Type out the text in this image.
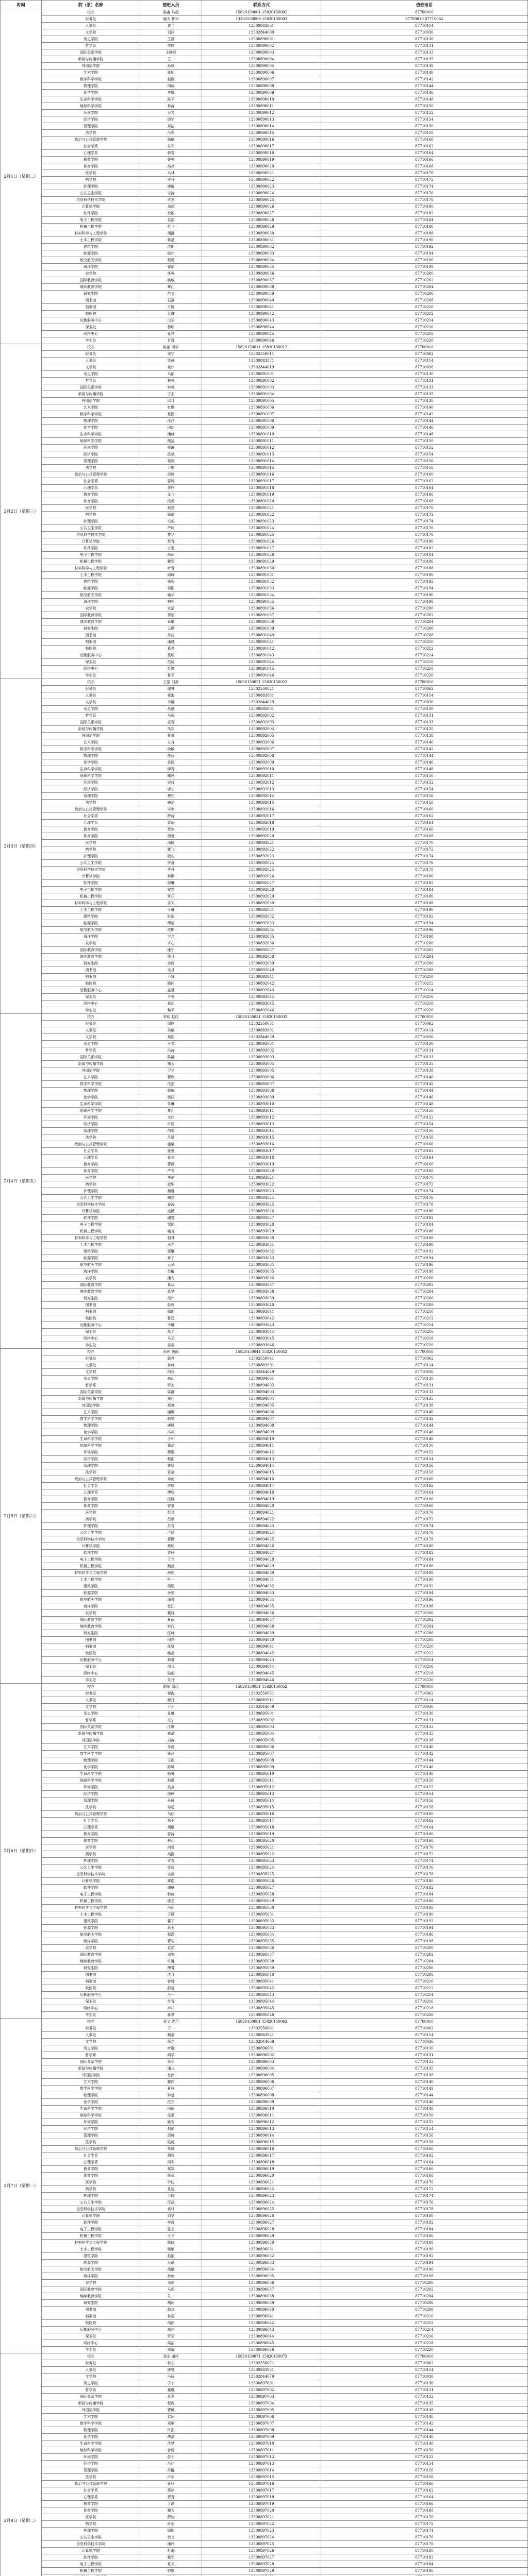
时间	院（系）名称	值班人员	联系方式	值班电话
2月1日（星期二）	校办	陈鑫 马超	15820150001 15820150002	87700010
	财务处	谢天 鲁年	13302550009 15820150003	87700010 87710062
	人事处	黄兰	13500883861	87710114
	文学院	刘洋	13502844009	87710036
	历史学院	王磊	13500890001	87710130
	哲学系	李刚	13500890002	87710131
	国际关系学院	王晓燕	13500890003	87710133
	新闻与传播学院	王一	13500890004	87710135
	外国语学院	孙康	13500890005	87710138
	艺术学院	张明	13500890006	87710140
	数学科学学院	赵刚	13500890007	87710142
	物理学院	何成	13500890008	87710144
	化学学院	李娜	13500890009	87710146
	生命科学学院	陈平	13500890010	87710148
	地球科学学院	林涛	13500890011	87710150
	环境学院	吴芳	13500890012	87710152
	经济学院	周宇	13500890013	87710154
	管理学院	郑洁	13500890014	87710156
	法学院	冯军	13500890015	87710158
	政治与公共管理学院	杨帆	13500890016	87710160
	社会学系	朱军	13500890017	87710162
	心理学系	韩雪	13500890018	87710164
	教育学院	曹强	13500890019	87710166
	体育学院	高亮	13500890020	87710168
	医学院	马林	13500890021	87710170
	药学院	罗丹	13500890022	87710172
	护理学院	唐敏	13500890023	87710174
	公共卫生学院	宋涛	13500890024	87710176
	信息科学技术学院	许杰	13500890025	87710178
	计算机学院	邓超	13500890026	87710180
	软件学院	余丽	13500890027	87710182
	电子工程学院	袁浩	13500890028	87710184
	机械工程学院	彭飞	13500890029	87710186
	材料科学与工程学院	胡静	13500890030	87710188
	土木工程学院	蒋磊	13500890031	87710190
	建筑学院	沈阳	13500890032	87710192
	能源学院	陆伟	13500890033	87710194
	航空航天学院	程勇	13500890034	87710196
	海洋学院	崔丽	13500890035	87710198
	农学院	任强	13500890036	87710200
	国际教育学院	姚敏	13500890037	87710202
	继续教育学院	覃江	13500890038	87710204
	研究生院	范文	13500890039	87710206
	图书馆	石磊	13500890040	87710208
	档案馆	方圆	13500890041	87710210
	校医院	金鑫	13500890042	87710212
	后勤服务中心	白云	13500890043	87710214
	保卫处	黎明	13500890044	87710216
	网络中心	孔亮	13500890045	87710218
	学生处	甘霖	13500890046	87710220
2月2日（星期三）	校办	陈丽 周华	15820150011 15820150012	87700010
	财务处	邓宁	13302550011	87710062
	人事处	梁晨	13500883871	87710114
	文学院	黄伟	13502844019	87710036
	历史学院	马丽	13500891001	87710130
	哲学系	林强	13500891002	87710131
	国际关系学院	钟英	13500891003	87710133
	新闻与传播学院	丁杰	13500891004	87710135
	外国语学院	邱月	13500891005	87710138
	艺术学院	杜鹏	13500891006	87710140
	数学科学学院	夏雨	13500891007	87710142
	物理学院	汪洋	13500891008	87710144
	化学学院	田甜	13500891009	87710146
	生命科学学院	潘峰	13500891010	87710148
	地球科学学院	熊猛	13500891011	87710150
	环境学院	侯静	13500891012	87710152
	经济学院	武斌	13500891013	87710154
	管理学院	秦岚	13500891014	87710156
	法学院	尹航	13500891015	87710158
	政治与公共管理学院	邵婷	13500891016	87710160
	社会学系	雷鸣	13500891017	87710162
	心理学系	贺欣	13500891018	87710164
	教育学院	龙飞	13500891019	87710166
	体育学院	段勇	13500891020	87710168
	医学院	郝然	13500891021	87710170
	药学院	顾倩	13500891022	87710172
	护理学院	毛毅	13500891023	87710174
	公共卫生学院	严峻	13500891024	87710176
	信息科学技术学院	黎华	13500891025	87710178
	计算机学院	常青	13500891026	87710180
	软件学院	万里	13500891027	87710182
	电子工程学院	薛冰	13500891028	87710184
	机械工程学院	戴军	13500891029	87710186
	材料科学与工程学院	叶青	13500891030	87710188
	土木工程学院	阎峰	13500891031	87710190
	建筑学院	钱程	13500891032	87710192
	能源学院	邹阳	13500891033	87710194
	航空航天学院	喻华	13500891034	87710196
	海洋学院	柏松	13500891035	87710198
	农学院	水清	13500891036	87710200
	国际教育学院	窦娟	13500891037	87710202
	继续教育学院	章敏	13500891038	87710204
	研究生院	云鹏	13500891039	87710206
	图书馆	苏杭	13500891040	87710208
	档案馆	潘越	13500891041	87710210
	校医院	葛亮	13500891042	87710212
	后勤服务中心	奚明	13500891043	87710214
	保卫处	范成	13500891044	87710216
	网络中心	彭博	13500891045	87710218
	学生处	鲁平	13500891046	87710220
2月3日（星期四）	校办	王强 刘芳	15820150021 15820150022	87700010
	财务处	谢林	13302550021	87710062
	人事处	黄海	13500883881	87710114
	文学院	韦娜	13502844029	87710036
	历史学院	昌盛	13500892001	87710130
	哲学系	马骏	13500892002	87710131
	国际关系学院	苗青	13500892003	87710133
	新闻与传播学院	凤翔	13500892004	87710135
	外国语学院	花蕾	13500892005	87710138
	艺术学院	方舟	13500892006	87710140
	数学科学学院	俞敏	13500892007	87710142
	物理学院	任远	13500892008	87710144
	化学学院	袁媛	13500892009	87710146
	生命科学学院	柳青	13500892010	87710148
	地球科学学院	鲍勃	13500892011	87710150
	环境学院	史诗	13500892012	87710152
	经济学院	唐宁	13500892013	87710154
	管理学院	费翔	13500892014	87710156
	法学院	廉洁	13500892015	87710158
	政治与公共管理学院	岑参	13500892016	87710160
	社会学系	薛涛	13500892017	87710162
	心理学系	雷雨	13500892018	87710164
	教育学院	贺岁	13500892019	87710166
	体育学院	倪虹	13500892020	87710168
	医学院	汤圆	13500892021	87710170
	药学院	滕飞	13500892022	87710172
	护理学院	殷实	13500892023	87710174
	公共卫生学院	罗盘	13500892024	87710176
	信息科学技术学院	毕升	13500892025	87710178
	计算机学院	郝鹏	13500892026	87710180
	软件学院	邬琳	13500892027	87710182
	电子工程学院	安然	13500892028	87710184
	机械工程学院	常乐	13500892029	87710186
	材料科学与工程学院	乐天	13500892030	87710188
	土木工程学院	于谦	13500892031	87710190
	建筑学院	时雨	13500892032	87710192
	能源学院	傅雷	13500892033	87710194
	航空航天学院	皮影	13500892034	87710196
	海洋学院	卞之	13500892035	87710198
	农学院	齐心	13500892036	87710200
	国际教育学院	康宁	13500892037	87710202
	继续教育学院	伍月	13500892038	87710204
	研究生院	余晖	13500892039	87710206
	图书馆	元旦	13500892040	87710208
	档案馆	卜算	13500892041	87710210
	校医院	顾问	13500892042	87710212
	后勤服务中心	孟夏	13500892043	87710214
	保卫处	平安	13500892044	87710216
	网络中心	黄河	13500892045	87710218
	学生处	和平	13500892046	87710220
2月4日（星期五）	校办	李明 赵红	15820150031 15820150032	87700010
	财务处	周刚	13302550031	87710062
	人事处	吴敏	13500883891	87710114
	文学院	郑凯	13502844039	87710036
	历史学院	王芳	13500893001	87710130
	哲学系	冯涛	13500893002	87710131
	国际关系学院	陈静	13500893003	87710133
	新闻与传播学院	褚云	13500893004	87710135
	外国语学院	卫华	13500893005	87710138
	艺术学院	蒋欣	13500893006	87710140
	数学科学学院	沈浩	13500893007	87710142
	物理学院	韩梅	13500893008	87710144
	化学学院	杨洋	13500893009	87710146
	生命科学学院	朱琳	13500893010	87710148
	地球科学学院	秦川	13500893011	87710150
	环境学院	尤佳	13500893012	87710152
	经济学院	许诺	13500893013	87710154
	管理学院	何勇	13500893014	87710156
	法学院	吕梁	13500893015	87710158
	政治与公共管理学院	施展	13500893016	87710160
	社会学系	张弛	13500893017	87710162
	心理学系	孔雀	13500893018	87710164
	教育学院	曹操	13500893019	87710166
	体育学院	严冬	13500893020	87710168
	医学院	华佗	13500893021	87710170
	药学院	金银	13500893022	87710172
	护理学院	魏巍	13500893023	87710174
	公共卫生学院	陶然	13500893024	87710176
	信息科学技术学院	姜涛	13500893025	87710178
	计算机学院	戚薇	13500893026	87710180
	软件学院	谢霆	13500893027	87710182
	电子工程学院	邹凯	13500893028	87710184
	机械工程学院	喻言	13500893029	87710186
	材料科学与工程学院	柏林	13500893030	87710188
	土木工程学院	水生	13500893031	87710190
	建筑学院	窦唯	13500893032	87710192
	能源学院	章子	13500893033	87710194
	航空航天学院	云朵	13500893034	87710196
	海洋学院	苏醒	13500893035	87710198
	农学院	潘安	13500893036	87710200
	国际教育学院	葛优	13500893037	87710202
	继续教育学院	奚梦	13500893038	87710204
	研究生院	范伟	13500893039	87710206
	图书馆	彭程	13500893040	87710208
	档案馆	郎朗	13500893041	87710210
	校医院	鲁迅	13500893042	87710212
	后勤服务中心	韦唯	13500893043	87710214
	保卫处	昌平	13500893044	87710216
	网络中心	马云	13500893045	87710218
	学生处	苗苗	13500893046	87710220
2月5日（星期六）	校办	孙伟 钱丽	15820150041 15820150042	87700010
	财务处	郭亮	13302550041	87710062
	人事处	林峰	13500883901	87710114
	文学院	何欢	13502844049	87710036
	历史学院	高山	13500894001	87710130
	哲学系	罗杰	13500894002	87710131
	国际关系学院	梁静	13500894003	87710133
	新闻与传播学院	宋佳	13500894004	87710135
	外国语学院	郑爽	13500894005	87710138
	艺术学院	谢娜	13500894006	87710140
	数学科学学院	韩寒	13500894007	87710142
	物理学院	唐嫣	13500894008	87710144
	化学学院	冯巩	13500894009	87710146
	生命科学学院	于和	13500894010	87710148
	地球科学学院	董洁	13500894011	87710150
	环境学院	萧敬	13500894012	87710152
	经济学院	程前	13500894013	87710154
	管理学院	曹颖	13500894014	87710156
	法学院	袁泉	13500894015	87710158
	政治与公共管理学院	邓伦	13500894016	87710160
	社会学系	许晴	13500894017	87710162
	心理学系	傅程	13500894018	87710164
	教育学院	沈腾	13500894019	87710166
	体育学院	曾黎	13500894020	87710168
	医学院	彭昱	13500894021	87710170
	药学院	吕颂	13500894022	87710172
	护理学院	苏有	13500894023	87710174
	公共卫生学院	卢靖	13500894024	87710176
	信息科学技术学院	蒋勤	13500894025	87710178
	计算机学院	蔡明	13500894026	87710180
	软件学院	贾玲	13500894027	87710182
	电子工程学院	丁当	13500894028	87710184
	机械工程学院	魏晨	13500894029	87710186
	材料科学与工程学院	薛凯	13500894030	87710188
	土木工程学院	叶一	13500894031	87710190
	建筑学院	阎妮	13500894032	87710192
	能源学院	余男	13500894033	87710194
	航空航天学院	潘粤	13500894034	87710196
	海洋学院	杜江	13500894035	87710198
	农学院	戴娆	13500894036	87710200
	国际教育学院	夏雨	13500894037	87710202
	继续教育学院	钟汉	13500894038	87710204
	研究生院	汪峰	13500894039	87710206
	图书馆	田亮	13500894040	87710208
	档案馆	任贤	13500894041	87710210
	校医院	姚晨	13500894042	87710212
	后勤服务中心	郝蕾	13500894043	87710214
	保卫处	邵兵	13500894044	87710216
	网络中心	陆毅	13500894045	87710218
	学生处	朱丹	13500894046	87710220
2月6日（星期日）	校办	胡军 周迅	15820150051 15820150052	87700010
	财务处	秦海	13302550051	87710062
	人事处	颜丹	13500883911	87710114
	文学院	尹正	13502844059	87710036
	历史学院	孔维	13500895001	87710130
	哲学系	毛宁	13500895002	87710131
	国际关系学院	江珊	13500895003	87710133
	新闻与传播学院	黄磊	13500895004	87710135
	外国语学院	刘涛	13500895005	87710138
	艺术学院	李晨	13500895006	87710140
	数学科学学院	张涵	13500895007	87710142
	物理学院	王凯	13500895008	87710144
	化学学院	陈坤	13500895009	87710146
	生命科学学院	杨幂	13500895010	87710148
	地球科学学院	赵薇	13500895011	87710150
	环境学院	吴京	13500895012	87710152
	经济学院	徐峥	13500895013	87710154
	管理学院	孙俪	13500895014	87710156
	法学院	邓超	13500895015	87710158
	政治与公共管理学院	马伊	13500895016	87710160
	社会学系	朱亚	13500895017	87710162
	心理学系	胡歌	13500895018	87710164
	教育学院	郭涛	13500895019	87710166
	体育学院	林心	13500895020	87710168
	医学院	何炅	13500895021	87710170
	药学院	高圆	13500895022	87710172
	护理学院	罗晋	13500895023	87710174
	公共卫生学院	梁冠	13500895024	87710176
	信息科学技术学院	宋茜	13500895025	87710178
	计算机学院	郑恺	13500895026	87710180
	软件学院	谢楠	13500895027	87710182
	电子工程学院	韩庚	13500895028	87710184
	机械工程学院	唐艺	13500895029	87710186
	材料科学与工程学院	冯绍	13500895030	87710188
	土木工程学院	于朦	13500895031	87710190
	建筑学院	董子	13500895032	87710192
	能源学院	萧亚	13500895033	87710194
	航空航天学院	程潇	13500895034	87710196
	海洋学院	曹骏	13500895035	87710198
	农学院	袁弘	13500895036	87710200
	国际教育学院	邓家	13500895037	87710202
	继续教育学院	许魏	13500895038	87710204
	研究生院	傅菁	13500895039	87710206
	图书馆	沈月	13500895040	87710208
	档案馆	曾舜	13500895041	87710210
	校医院	彭冠	13500895042	87710212
	后勤服务中心	吕一	13500895043	87710214
	保卫处	苏青	13500895044	87710216
	网络中心	卢杉	13500895045	87710218
	学生处	蒋梦	13500895046	87710220
2月7日（星期一）	校办	蔡文 贾乃	15820150061 15820150062	87700010
	财务处	丁一	13302550061	87710062
	人事处	魏嘉	13500883921	87710114
	文学院	薛之	13502844069	87710036
	历史学院	叶璇	13500896001	87710130
	哲学系	阎学	13500896002	87710131
	国际关系学院	余少	13500896003	87710133
	新闻与传播学院	潘长	13500896004	87710135
	外国语学院	杜淳	13500896005	87710138
	艺术学院	戴向	13500896006	87710140
	数学科学学院	夏梓	13500896007	87710142
	物理学院	钟楚	13500896008	87710144
	化学学院	汪东	13500896009	87710146
	生命科学学院	田雨	13500896010	87710148
	地球科学学院	任素	13500896011	87710150
	环境学院	姚安	13500896012	87710152
	经济学院	郝劭	13500896013	87710154
	管理学院	邵峰	13500896014	87710156
	法学院	陆虎	13500896015	87710158
	政治与公共管理学院	朱珠	13500896016	87710160
	社会学系	胡可	13500896017	87710162
	心理学系	周冬	13500896018	87710164
	教育学院	秦岚	13500896019	87710166
	体育学院	颜卓	13500896020	87710168
	医学院	尹昉	13500896021	87710170
	药学院	孔连	13500896022	87710172
	护理学院	毛晓	13500896023	87710174
	公共卫生学院	江疏	13500896024	87710176
	信息科学技术学院	黄轩	13500896025	87710178
	计算机学院	刘昊	13500896026	87710180
	软件学院	李现	13500896027	87710182
	电子工程学院	张艺	13500896028	87710184
	机械工程学院	王子	13500896029	87710186
	材料科学与工程学院	陈晓	13500896030	87710188
	土木工程学院	杨紫	13500896031	87710190
	建筑学院	赵丽	13500896032	87710192
	能源学院	吴磊	13500896033	87710194
	航空航天学院	徐璐	13500896034	87710196
	海洋学院	孙怡	13500896035	87710198
	农学院	邓伦	13500896036	87710200
	国际教育学院	马思	13500896037	87710202
	继续教育学院	朱一	13500896038	87710204
	研究生院	胡冰	13500896039	87710206
	图书馆	郭京	13500896040	87710208
	档案馆	林更	13500896041	87710210
	校医院	何润	13500896042	87710212
	后勤服务中心	高伟	13500896043	87710214
	保卫处	罗云	13500896044	87710216
	网络中心	梁洁	13500896045	87710218
	学生处	宋威	13500896046	87710220
2月8日（星期二）	校办	郑业 谢可	15820150071 15820150072	87700010
	财务处	韩东	13302550071	87710062
	人事处	唐曾	13500883931	87710114
	文学院	冯远	13502844079	87710036
	历史学院	于小	13500897001	87710130
	哲学系	董璇	13500897002	87710131
	国际关系学院	萧燕	13500897003	87710133
	新闻与传播学院	程煜	13500897004	87710135
	外国语学院	曹曦	13500897005	87710138
	艺术学院	袁冰	13500897006	87710140
	数学科学学院	邓紫	13500897007	87710142
	物理学院	许凯	13500897008	87710144
	化学学院	傅晶	13500897009	87710146
	生命科学学院	沈梦	13500897010	87710148
	地球科学学院	曾可	13500897011	87710150
	环境学院	彭于	13500897012	87710152
	经济学院	吕佳	13500897013	87710154
	管理学院	苏醒	13500897014	87710156
	法学院	卢宇	13500897015	87710158
	政治与公共管理学院	蒋欣	13500897016	87710160
	社会学系	蔡徐	13500897017	87710162
	心理学系	贾青	13500897018	87710164
	教育学院	丁禹	13500897019	87710166
	体育学院	魏大	13500897020	87710168
	医学院	薛佳	13500897021	87710170
	药学院	叶祖	13500897022	87710172
	护理学院	阎妮	13500897023	87710174
	公共卫生学院	余文	13500897024	87710176
	信息科学技术学院	潘玮	13500897025	87710178
	计算机学院	杜海	13500897026	87710180
	软件学院	戴军	13500897027	87710182
	电子工程学院	夏天	13500897028	87710184
	机械工程学院	钟镇	13500897029	87710186
